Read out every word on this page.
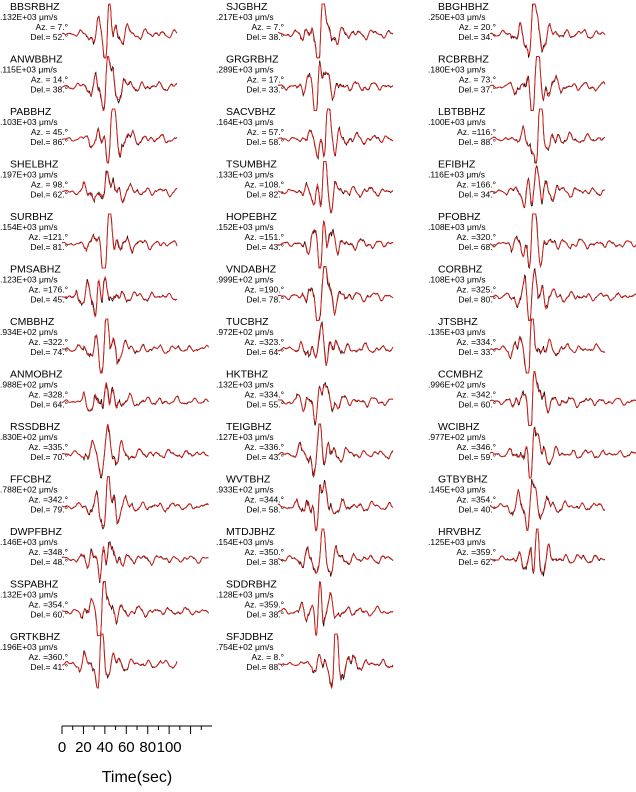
BBSRBHZ
.132E+03 μm/s
Az. = 7.°
Del.= 52.°
ANWBBHZ
.115E+03 μm/s
Az. = 14.°
Del.= 38.°
PABBHZ
.103E+03 μm/s
Az. = 45.°
Del.= 86.°
SHELBHZ
.197E+03 μm/s
Az. = 98.°
Del.= 62.°
SURBHZ
.154E+03 μm/s
Az. =121.°
Del.= 81.°
PMSABHZ
.123E+03 μm/s
Az. =176.°
Del.= 45.°
CMBBHZ
.934E+02 μm/s
Az. =322.°
Del.= 74.°
ANMOBHZ
.988E+02 μm/s
Az. =328.°
Del.= 64.°
RSSDBHZ
.830E+02 μm/s
Az. =335.°
Del.= 70.°
FFCBHZ
.788E+02 μm/s
Az. =342.°
Del.= 79.°
DWPFBHZ
.146E+03 μm/s
Az. =348.°
Del.= 48.°
SSPABHZ
.132E+03 μm/s
Az. =354.°
Del.= 60.°
GRTKBHZ
.196E+03 μm/s
Az. =360.°
Del.= 41.°
SJGBHZ
.217E+03 μm/s
Az. = 7.°
Del.= 38.°
GRGRBHZ
.289E+03 μm/s
Az. = 17.°
Del.= 33.°
SACVBHZ
.164E+03 μm/s
Az. = 57.°
Del.= 58.°
TSUMBHZ
.133E+03 μm/s
Az. =108.°
Del.= 82.°
HOPEBHZ
.152E+03 μm/s
Az. =151.°
Del.= 43.°
VNDABHZ
.999E+02 μm/s
Az. =190.°
Del.= 78.°
TUCBHZ
.972E+02 μm/s
Az. =323.°
Del.= 64.°
HKTBHZ
.132E+03 μm/s
Az. =334.°
Del.= 55.°
TEIGBHZ
.127E+03 μm/s
Az. =336.°
Del.= 43.°
WVTBHZ
.933E+02 μm/s
Az. =344.°
Del.= 58.°
MTDJBHZ
.154E+03 μm/s
Az. =350.°
Del.= 38.°
SDDRBHZ
.128E+03 μm/s
Az. =359.°
Del.= 38.°
SFJDBHZ
.754E+02 μm/s
Az. = 8.°
Del.= 88.°
BBGHBHZ
.250E+03 μm/s
Az. = 20.°
Del.= 34.°
RCBRBHZ
.180E+03 μm/s
Az. = 73.°
Del.= 37.°
LBTBBHZ
.100E+03 μm/s
Az. =116.°
Del.= 88.°
EFIBHZ
.116E+03 μm/s
Az. =166.°
Del.= 34.°
PFOBHZ
.108E+03 μm/s
Az. =320.°
Del.= 68.°
CORBHZ
.108E+03 μm/s
Az. =325.°
Del.= 80.°
JTSBHZ
.135E+03 μm/s
Az. =334.°
Del.= 33.°
CCMBHZ
.996E+02 μm/s
Az. =342.°
Del.= 60.°
WCIBHZ
.977E+02 μm/s
Az. =346.°
Del.= 59.°
GTBYBHZ
.145E+03 μm/s
Az. =354.°
Del.= 40.°
HRVBHZ
.125E+03 μm/s
Az. =359.°
Del.= 62.°
0 20 40 60 80 100
Time(sec)
